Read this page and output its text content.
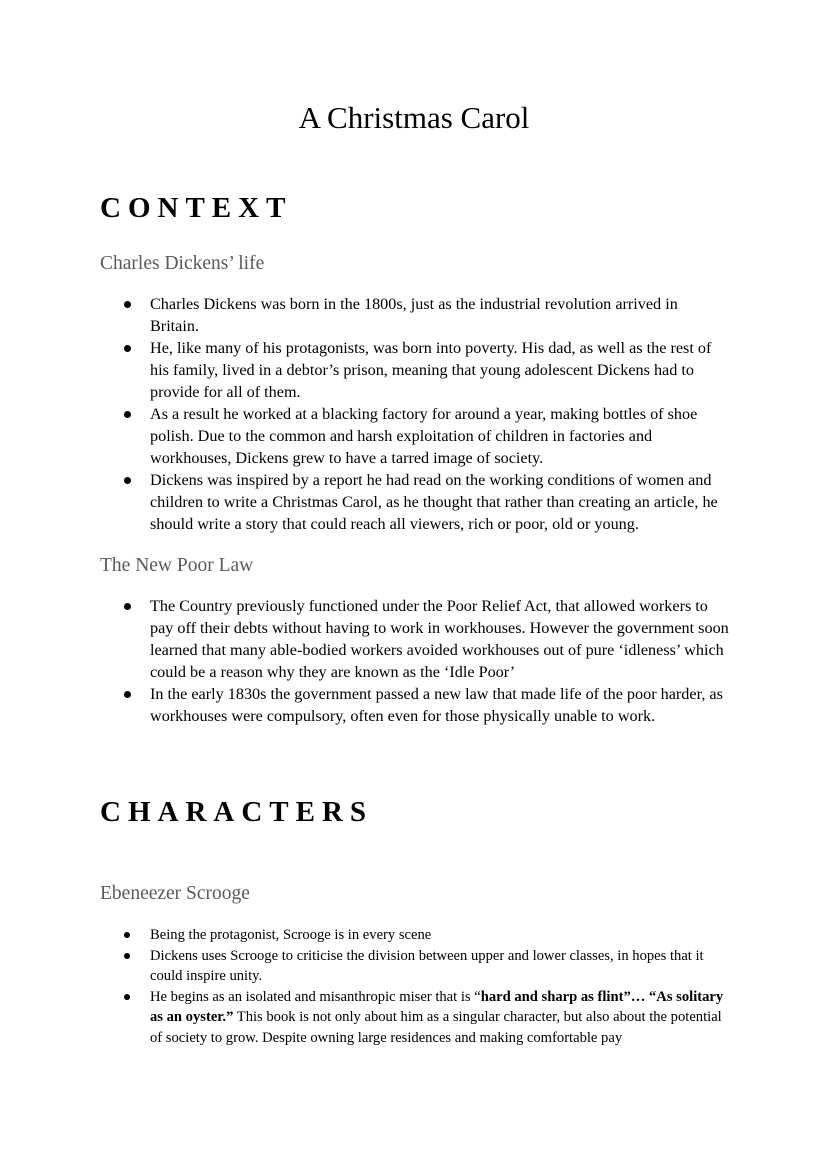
A Christmas Carol
CONTEXT
Charles Dickens’ life
Charles Dickens was born in the 1800s, just as the industrial revolution arrived in Britain.
He, like many of his protagonists, was born into poverty. His dad, as well as the rest of his family, lived in a debtor’s prison, meaning that young adolescent Dickens had to provide for all of them.
As a result he worked at a blacking factory for around a year, making bottles of shoe polish. Due to the common and harsh exploitation of children in factories and workhouses, Dickens grew to have a tarred image of society.
Dickens was inspired by a report he had read on the working conditions of women and children to write a Christmas Carol, as he thought that rather than creating an article, he should write a story that could reach all viewers, rich or poor, old or young.
The New Poor Law
The Country previously functioned under the Poor Relief Act, that allowed workers to pay off their debts without having to work in workhouses. However the government soon learned that many able-bodied workers avoided workhouses out of pure ‘idleness’ which could be a reason why they are known as the ‘Idle Poor’
In the early 1830s the government passed a new law that made life of the poor harder, as workhouses were compulsory, often even for those physically unable to work.
CHARACTERS
Ebeneezer Scrooge
Being the protagonist, Scrooge is in every scene
Dickens uses Scrooge to criticise the division between upper and lower classes, in hopes that it could inspire unity.
He begins as an isolated and misanthropic miser that is “hard and sharp as flint”… “As solitary as an oyster.” This book is not only about him as a singular character, but also about the potential of society to grow. Despite owning large residences and making comfortable pay
